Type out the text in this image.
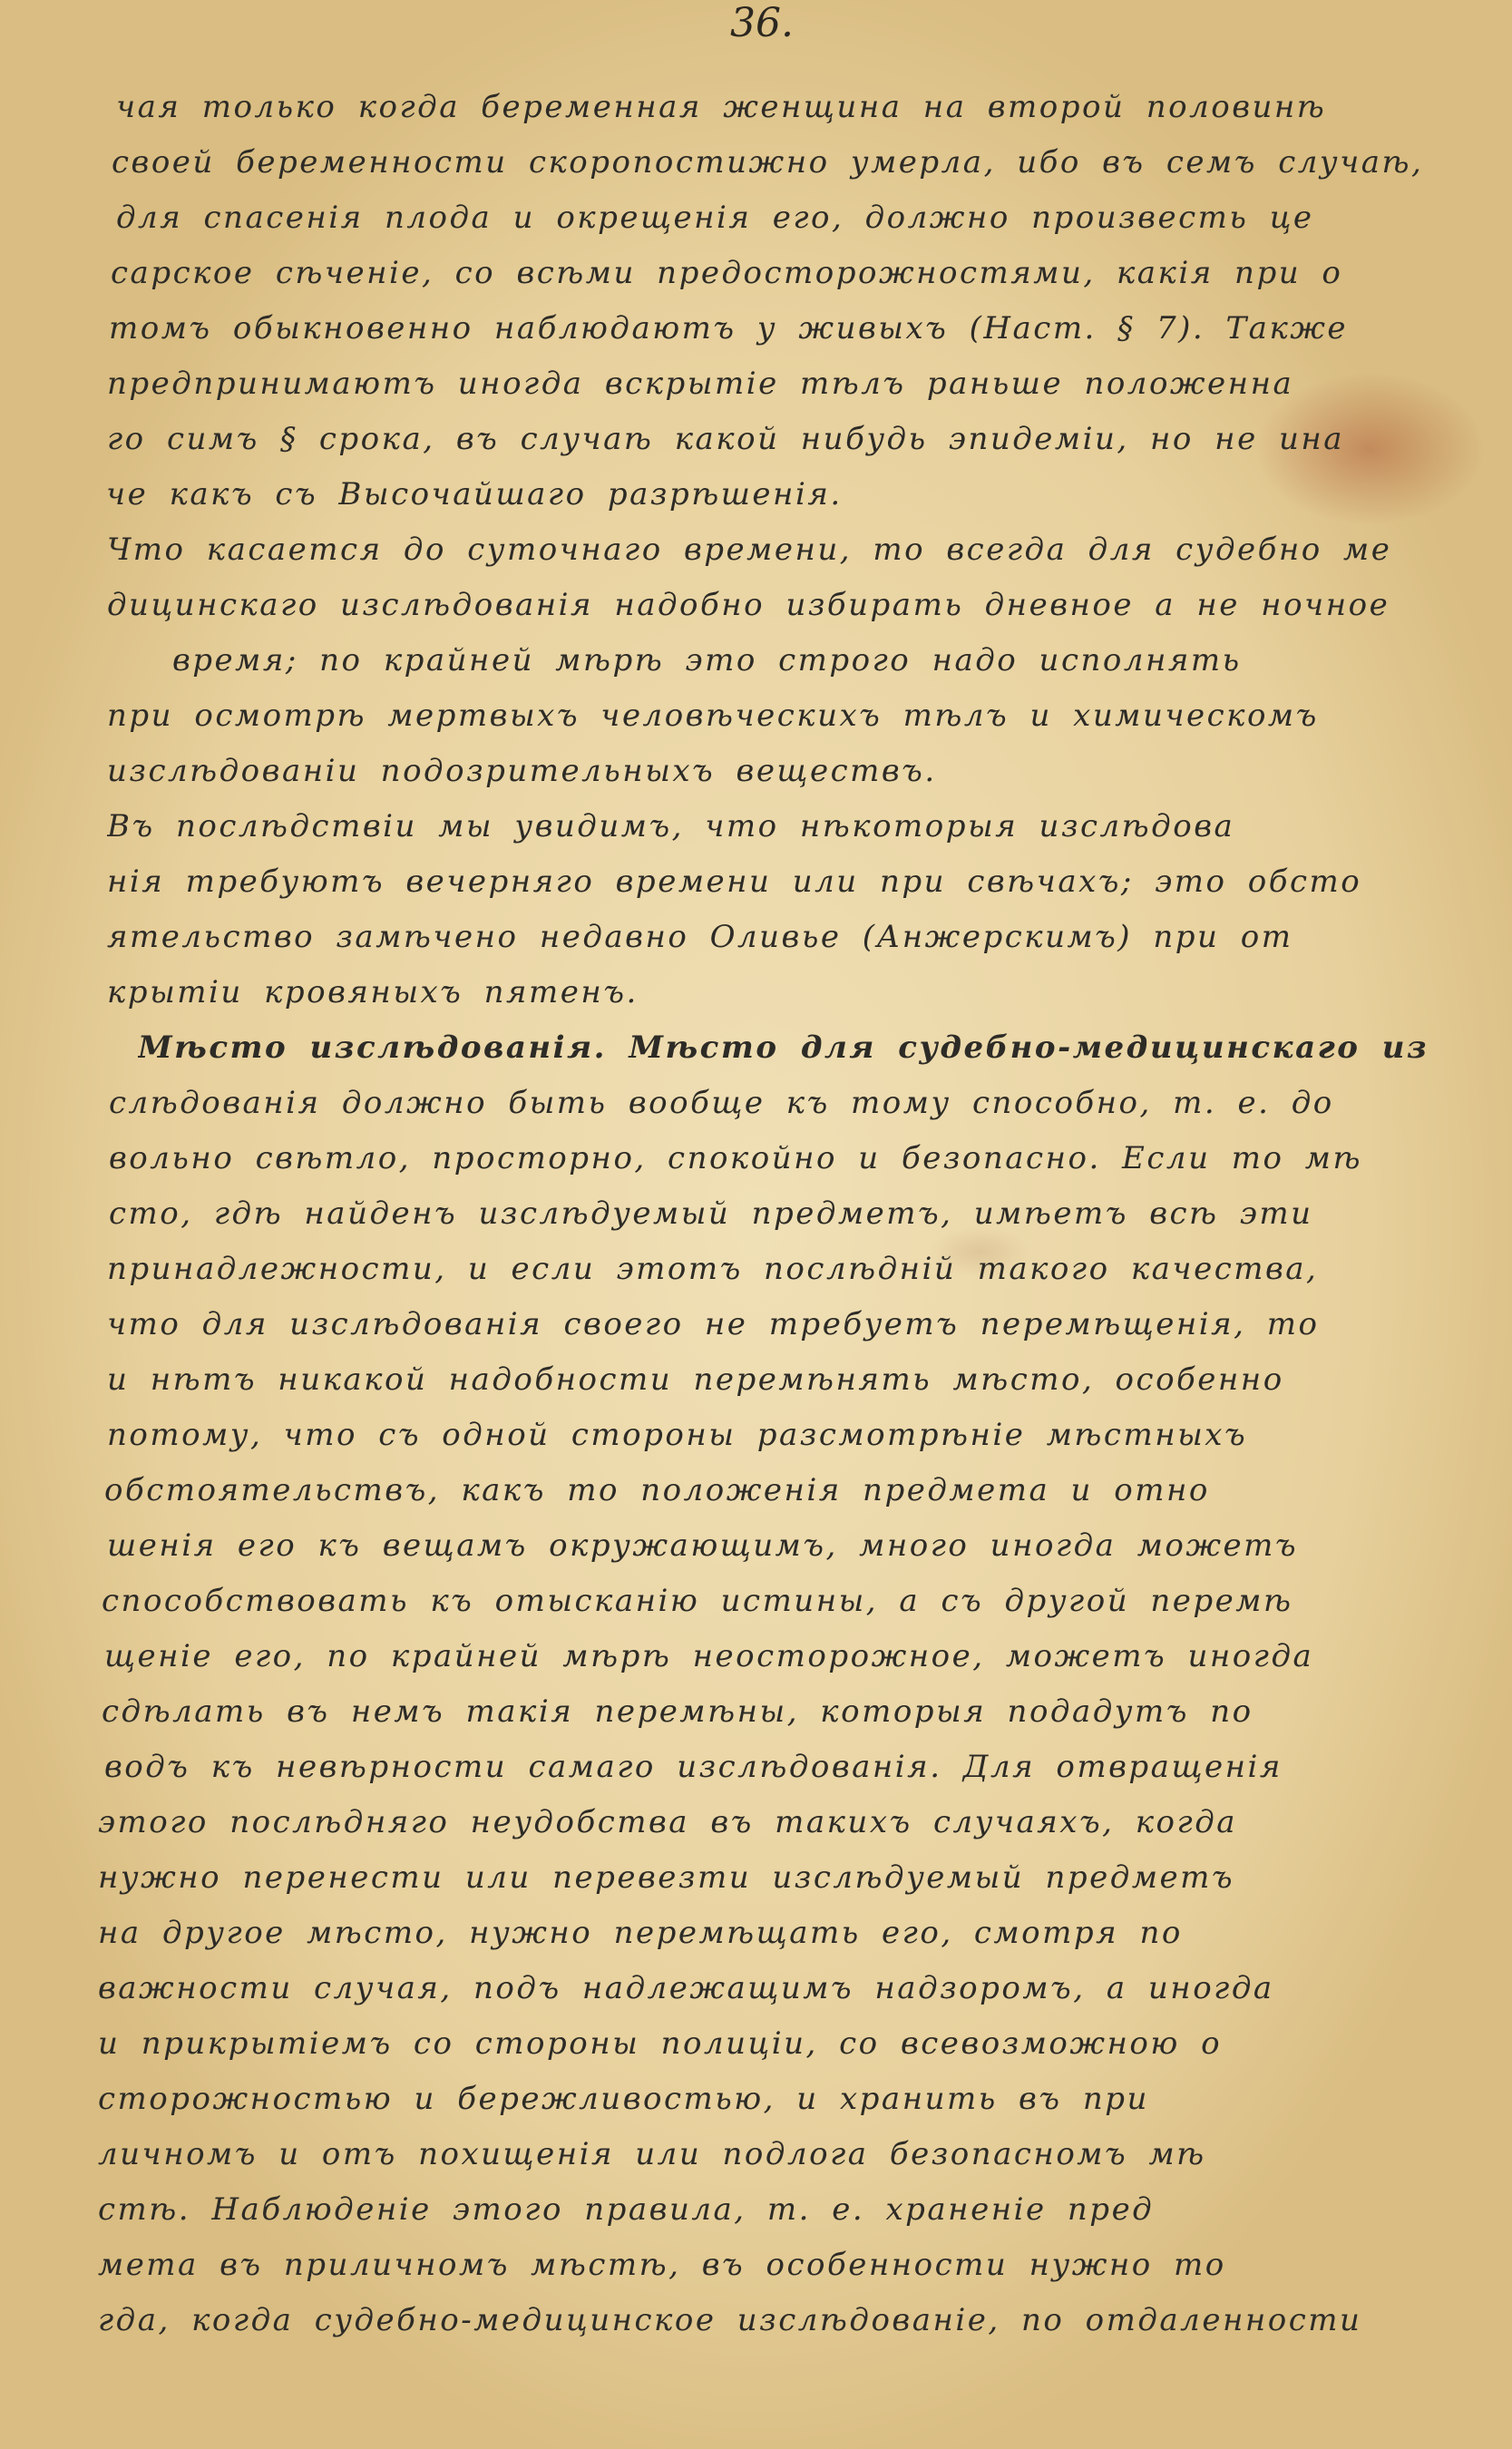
36.
чая только когда беременная женщина на второй половинѣ
своей беременности скоропостижно умерла, ибо въ семъ случаѣ,
для спасенія плода и окрещенія его, должно произвесть це
сарское сѣченіе, со всѣми предосторожностями, какія при о
томъ обыкновенно наблюдаютъ у живыхъ (Наст. § 7). Также
предпринимаютъ иногда вскрытіе тѣлъ раньше положенна
го симъ § срока, въ случаѣ какой нибудь эпидеміи, но не ина
че какъ съ Высочайшаго разрѣшенія.
Что касается до суточнаго времени, то всегда для судебно ме
дицинскаго изслѣдованія надобно избирать дневное а не ночное
время; по крайней мѣрѣ это строго надо исполнять
при осмотрѣ мертвыхъ человѣческихъ тѣлъ и химическомъ
изслѣдованіи подозрительныхъ веществъ.
Въ послѣдствіи мы увидимъ, что нѣкоторыя изслѣдова
нія требуютъ вечерняго времени или при свѣчахъ; это обсто
ятельство замѣчено недавно Оливье (Анжерскимъ) при от
крытіи кровяныхъ пятенъ.
Мѣсто изслѣдованія. Мѣсто для судебно-медицинскаго из
слѣдованія должно быть вообще къ тому способно, т. е. до
вольно свѣтло, просторно, спокойно и безопасно. Если то мѣ
сто, гдѣ найденъ изслѣдуемый предметъ, имѣетъ всѣ эти
принадлежности, и если этотъ послѣдній такого качества,
что для изслѣдованія своего не требуетъ перемѣщенія, то
и нѣтъ никакой надобности перемѣнять мѣсто, особенно
потому, что съ одной стороны разсмотрѣніе мѣстныхъ
обстоятельствъ, какъ то положенія предмета и отно
шенія его къ вещамъ окружающимъ, много иногда можетъ
способствовать къ отысканію истины, а съ другой перемѣ
щеніе его, по крайней мѣрѣ неосторожное, можетъ иногда
сдѣлать въ немъ такія перемѣны, которыя подадутъ по
водъ къ невѣрности самаго изслѣдованія. Для отвращенія
этого послѣдняго неудобства въ такихъ случаяхъ, когда
нужно перенести или перевезти изслѣдуемый предметъ
на другое мѣсто, нужно перемѣщать его, смотря по
важности случая, подъ надлежащимъ надзоромъ, а иногда
и прикрытіемъ со стороны полиціи, со всевозможною о
сторожностью и бережливостью, и хранить въ при
личномъ и отъ похищенія или подлога безопасномъ мѣ
стѣ. Наблюденіе этого правила, т. е. храненіе пред
мета въ приличномъ мѣстѣ, въ особенности нужно то
гда, когда судебно-медицинское изслѣдованіе, по отдаленности
